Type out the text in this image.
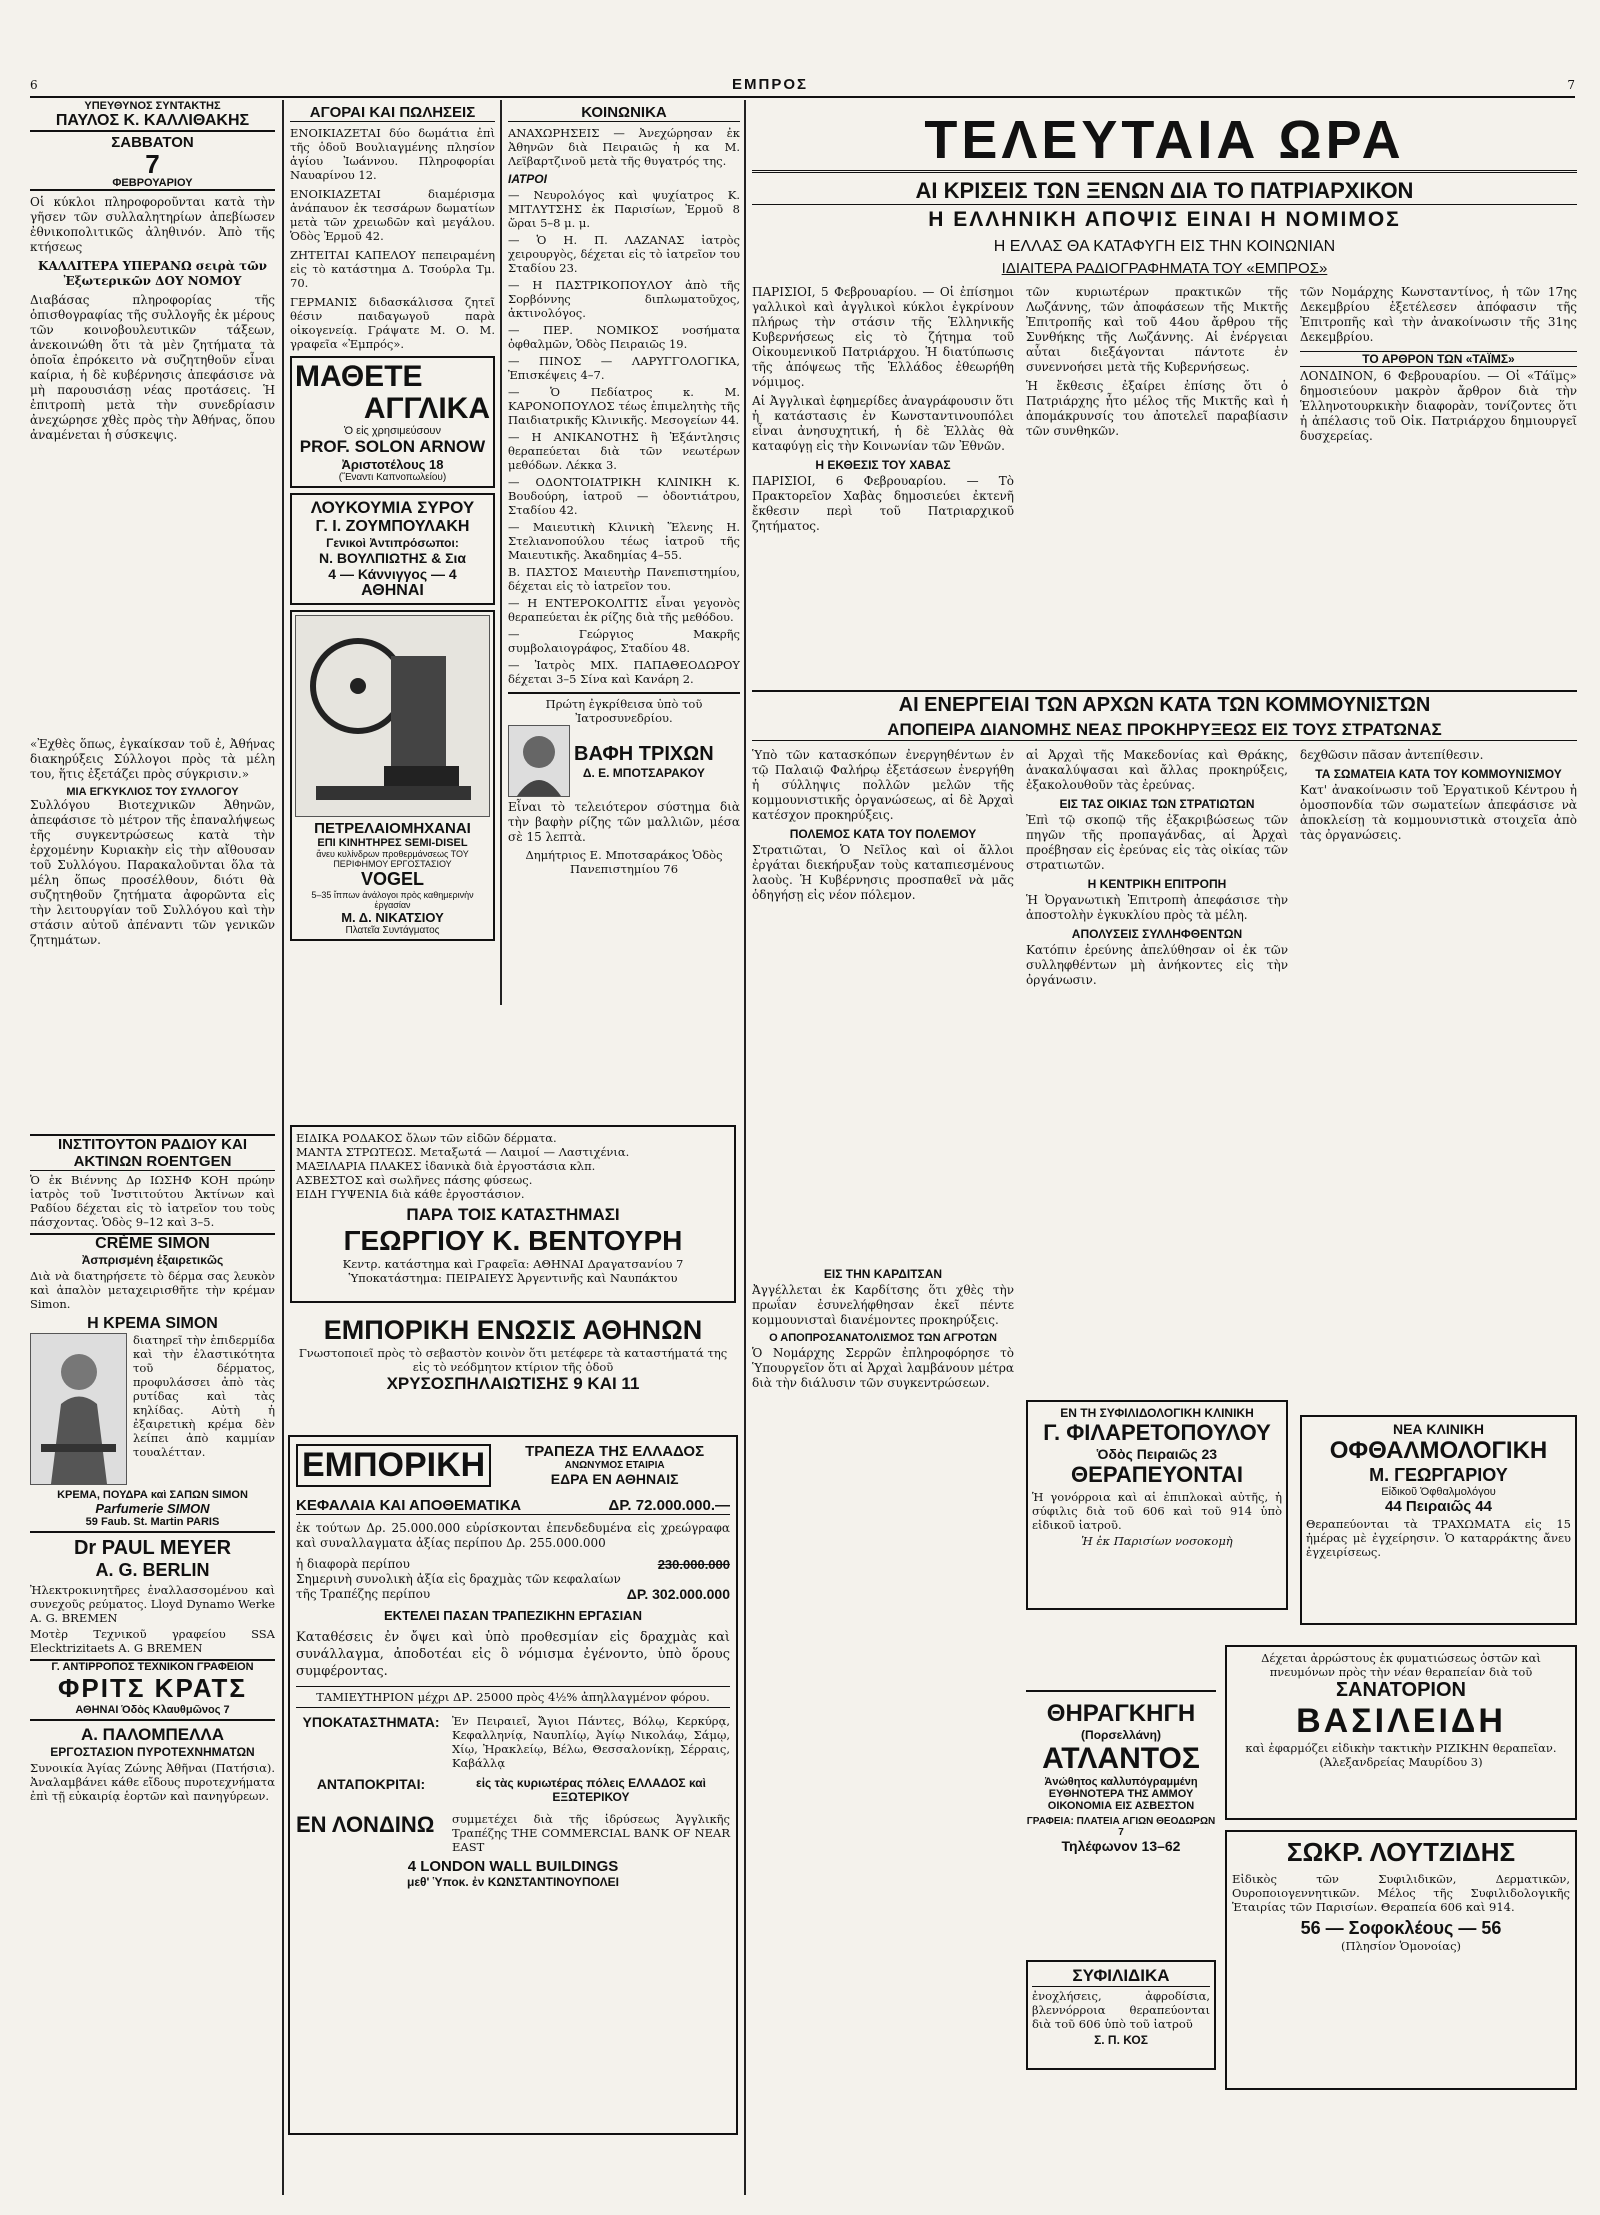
6	ΕΜΠΡΟΣ	7
ΥΠΕΥΘΥΝΟΣ ΣΥΝΤΑΚΤΗΣ
ΠΑΥΛΟΣ Κ. ΚΑΛΛΙΘΑΚΗΣ
ΣΑΒΒΑΤΟΝ
7
ΦΕΒΡΟΥΑΡΙΟΥ

Οἱ κύκλοι πληροφοροῦνται κατὰ τὴν γῆσεν τῶν συλλαλητηρίων ἀπεβίωσεν ἐθνικοπολιτικῶς ἀληθινόν. Ἀπὸ τῆς κτήσεως

ΚΑΛΛΙΤΕΡΑ ΥΠΕΡΑΝΩ σειρὰ τῶν Ἐξωτερικῶν ΔΟΥ ΝΟΜΟΥ

Διαβάσας πληροφορίας τῆς ὁπισθογραφίας τῆς συλλογῆς ἐκ μέρους τῶν κοινοβουλευτικῶν τάξεων, ἀνεκοινώθη ὅτι τὰ μὲν ζητήματα τὰ ὁποῖα ἐπρόκειτο νὰ συζητηθοῦν εἶναι καίρια, ἡ δὲ κυβέρνησις ἀπεφάσισε νὰ μὴ παρουσιάσῃ νέας προτάσεις. Ἡ ἐπιτροπὴ μετὰ τὴν συνεδρίασιν ἀνεχώρησε χθὲς πρὸς τὴν Ἀθήνας, ὅπου ἀναμένεται ἡ σύσκεψις.

«Ἐχθὲς ὅπως, ἐγκαίκσαν τοῦ ἐ, Ἀθήνας διακηρύξεις Σύλλογοι πρὸς τὰ μέλη του, ἥτις ἐξετάζει πρὸς σύγκρισιν.»

ΜΙΑ ΕΓΚΥΚΛΙΟΣ ΤΟΥ ΣΥΛΛΟΓΟΥ

Συλλόγου Βιοτεχνικῶν Ἀθηνῶν, ἀπεφάσισε τὸ μέτρον τῆς ἐπαναλήψεως τῆς συγκεντρώσεως κατὰ τὴν ἐρχομένην Κυριακὴν εἰς τὴν αἴθουσαν τοῦ Συλλόγου. Παρακαλοῦνται ὅλα τὰ μέλη ὅπως προσέλθουν, διότι θὰ συζητηθοῦν ζητήματα ἀφορῶντα εἰς τὴν λειτουργίαν τοῦ Συλλόγου καὶ τὴν στάσιν αὐτοῦ ἀπέναντι τῶν γενικῶν ζητημάτων.

ΙΝΣΤΙΤΟΥΤΟΝ ΡΑΔΙΟΥ ΚΑΙ ΑΚΤΙΝΩΝ ROENTGEN

Ὁ ἐκ Βιέννης Δρ ΙΩΣΗΦ ΚΟΗ πρώην ἰατρὸς τοῦ Ἰνστιτούτου Ἀκτίνων καὶ Ραδίου δέχεται εἰς τὸ ἰατρεῖον του τοὺς πάσχοντας. Ὁδὸς 9–12 καὶ 3–5.

CRÈME SIMON
Ἀσπρισμένη ἐξαιρετικῶς

Διὰ νὰ διατηρήσετε τὸ δέρμα σας λευκὸν καὶ ἁπαλὸν μεταχειρισθῆτε τὴν κρέμαν Simon.

Η ΚΡΕΜΑ SIMON

διατηρεῖ τὴν ἐπιδερμίδα καὶ τὴν ἐλαστικότητα τοῦ δέρματος, προφυλάσσει ἀπὸ τὰς ρυτίδας καὶ τὰς κηλίδας. Αὐτὴ ἡ ἐξαιρετικὴ κρέμα δὲν λείπει ἀπὸ καμμίαν τουαλέτταν.

ΚΡΕΜΑ, ΠΟΥΔΡΑ καὶ ΣΑΠΩΝ SIMON
Parfumerie SIMON
59 Faub. St. Martin PARIS
Dr PAUL MEYER
A. G. BERLIN

Ἠλεκτροκινητῆρες ἐναλλασσομένου καὶ συνεχοῦς ρεύματος. Lloyd Dynamo Werke A. G. BREMEN

Μοτὲρ Τεχνικοῦ γραφείου SSA Elecktrizitaets A. G BREMEN

Γ. ΑΝΤΙΡΡΟΠΟΣ ΤΕΧΝΙΚΟΝ ΓΡΑΦΕΙΟΝ
ΦΡΙΤΣ ΚΡΑΤΣ
ΑΘΗΝΑΙ Ὁδὸς Κλαυθμῶνος 7
Α. ΠΑΛΟΜΠΕΛΛΑ
ΕΡΓΟΣΤΑΣΙΟΝ ΠΥΡΟΤΕΧΝΗΜΑΤΩΝ

Συνοικία Ἀγίας Ζώνης Ἀθῆναι (Πατήσια). Ἀναλαμβάνει κάθε εἴδους πυροτεχνήματα ἐπὶ τῇ εὐκαιρίᾳ ἑορτῶν καὶ πανηγύρεων.

ΑΓΟΡΑΙ ΚΑΙ ΠΩΛΗΣΕΙΣ

ΕΝΟΙΚΙΑΖΕΤΑΙ δύο δωμάτια ἐπὶ τῆς ὁδοῦ Βουλιαγμένης πλησίον ἀγίου Ἰωάννου. Πληροφορίαι Ναυαρίνου 12.

ΕΝΟΙΚΙΑΖΕΤΑΙ διαμέρισμα ἀνάπαυον ἐκ τεσσάρων δωματίων μετὰ τῶν χρειωδῶν καὶ μεγάλου. Ὁδὸς Ἐρμοῦ 42.

ΖΗΤΕΙΤΑΙ ΚΑΠΕΛΟΥ πεπειραμένη εἰς τὸ κατάστημα Δ. Τσούρλα Τμ. 70.

ΓΕΡΜΑΝΙΣ διδασκάλισσα ζητεῖ θέσιν παιδαγωγοῦ παρὰ οἰκογενείᾳ. Γράψατε Μ. Ο. Μ. γραφεῖα «Ἐμπρός».

ΜΑΘΕΤΕ
ΑΓΓΛΙΚΑ
Ὁ εἰς χρησιμεύσουν
PROF. SOLON ARNOW
Ἀριστοτέλους 18
(Ἔναντι Καπνοπωλείου)
ΛΟΥΚΟΥΜΙΑ ΣΥΡΟΥ
Γ. Ι. ΖΟΥΜΠΟΥΛΑΚΗ
Γενικοὶ Ἀντιπρόσωποι:
Ν. ΒΟΥΛΠΙΩΤΗΣ & Σια
4 — Κάννιγγος — 4
ΑΘΗΝΑΙ
ΠΕΤΡΕΛΑΙΟΜΗΧΑΝΑΙ
ΕΠΙ ΚΙΝΗΤΗΡΕΣ SEMI-DISEL
ἄνευ κυλίνδρων προθερμάνσεως ΤΟΥ ΠΕΡΙΦΗΜΟΥ ΕΡΓΟΣΤΑΣΙΟΥ
VOGEL
5–35 ἵππων ἀνάλογοι πρὸς καθημερινὴν ἐργασίαν
Μ. Δ. ΝΙΚΑΤΣΙΟΥ
Πλατεῖα Συντάγματος
ΚΟΙΝΩΝΙΚΑ

ΑΝΑΧΩΡΗΣΕΙΣ — Ἀνεχώρησαν ἐκ Ἀθηνῶν διὰ Πειραιῶς ἡ κα Μ. Λεϊβαρτζινοῦ μετὰ τῆς θυγατρός της.

ΙΑΤΡΟΙ

— Νευρολόγος καὶ ψυχίατρος Κ. ΜΙΤΛΥΤΣΗΣ ἐκ Παρισίων, Ἐρμοῦ 8 ὥραι 5–8 μ. μ.

— Ὁ Η. Π. ΛΑΖΑΝΑΣ ἰατρὸς χειρουργὸς, δέχεται εἰς τὸ ἰατρεῖον του Σταδίου 23.

— Η ΠΑΣΤΡΙΚΟΠΟΥΛΟΥ ἀπὸ τῆς Σορβόννης διπλωματοῦχος, ἀκτινολόγος.

— ΠΕΡ. ΝΟΜΙΚΟΣ νοσήματα ὀφθαλμῶν, Ὁδὸς Πειραιῶς 19.

— ΠΙΝΟΣ — ΛΑΡΥΓΓΟΛΟΓΙΚΑ, Ἐπισκέψεις 4–7.

— Ὁ Πεδίατρος κ. Μ. ΚΑΡΟΝΟΠΟΥΛΟΣ τέως ἐπιμελητὴς τῆς Παιδιατρικῆς Κλινικῆς. Μεσογείων 44.

— Η ΑΝΙΚΑΝΟΤΗΣ ἢ Ἐξάντλησις θεραπεύεται διὰ τῶν νεωτέρων μεθόδων. Λέκκα 3.

— ΟΔΟΝΤΟΙΑΤΡΙΚΗ ΚΛΙΝΙΚΗ Κ. Βουδούρη, ἰατροῦ — ὀδοντιάτρου, Σταδίου 42.

— Μαιευτικὴ Κλινικὴ Ἕλενης Η. Στελιανοπούλου τέως ἰατροῦ τῆς Μαιευτικῆς. Ἀκαδημίας 4–55.

Β. ΠΑΣΤΟΣ Μαιευτὴρ Πανεπιστημίου, δέχεται εἰς τὸ ἰατρεῖον του.

— Η ΕΝΤΕΡΟΚΟΛΙΤΙΣ εἶναι γεγονὸς θεραπεύεται ἐκ ρίζης διὰ τῆς μεθόδου.

— Γεώργιος Μακρῆς συμβολαιογράφος, Σταδίου 48.

— Ἰατρὸς ΜΙΧ. ΠΑΠΑΘΕΟΔΩΡΟΥ δέχεται 3–5 Σίνα καὶ Κανάρη 2.

Πρώτη ἐγκρίθεισα ὑπὸ τοῦ Ἰατροσυνεδρίου.
ΒΑΦΗ ΤΡΙΧΩΝ
Δ. Ε. ΜΠΟΤΣΑΡΑΚΟΥ

Εἶναι τὸ τελειότερον σύστημα διὰ τὴν βαφὴν ρίζης τῶν μαλλιῶν, μέσα σὲ 15 λεπτὰ.

Δημήτριος Ε. Μποτσαράκος Ὁδὸς Πανεπιστημίου 76
ΕΙΔΙΚΑ ΡΟΔΑΚΟΣ ὄλων τῶν εἰδῶν δέρματα.
ΜΑΝΤΑ ΣΤΡΩΤΕΩΣ. Μεταξωτά — Λαιμοί — Λαστιχένια.
ΜΑΞΙΛΑΡΙΑ ΠΛΑΚΕΣ ἰδανικὰ διὰ ἐργοστάσια κλπ.
ΑΣΒΕΣΤΟΣ καὶ σωλῆνες πάσης φύσεως.
ΕΙΔΗ ΓΥΨΕΝΙΑ διὰ κάθε ἐργοστάσιον.
ΠΑΡΑ ΤΟΙΣ ΚΑΤΑΣΤΗΜΑΣΙ
ΓΕΩΡΓΙΟΥ Κ. ΒΕΝΤΟΥΡΗ
Κεντρ. κατάστημα καὶ Γραφεῖα: ΑΘΗΝΑΙ Δραγατσανίου 7
Ὑποκατάστημα: ΠΕΙΡΑΙΕΥΣ Ἀργεντινῆς καὶ Ναυπάκτου
ΕΜΠΟΡΙΚΗ ΕΝΩΣΙΣ ΑΘΗΝΩΝ
Γνωστοποιεῖ πρὸς τὸ σεβαστὸν κοινὸν ὅτι μετέφερε τὰ καταστήματά της εἰς τὸ νεόδμητον κτίριον τῆς ὁδοῦ
ΧΡΥΣΟΣΠΗΛΑΙΩΤΙΣΗΣ 9 ΚΑΙ 11
ΕΜΠΟΡΙΚΗ	ΤΡΑΠΕΖΑ ΤΗΣ ΕΛΛΑΔΟΣ
ΑΝΩΝΥΜΟΣ ΕΤΑΙΡΙΑ
ΕΔΡΑ ΕΝ ΑΘΗΝΑΙΣ
ΚΕΦΑΛΑΙΑ ΚΑΙ ΑΠΟΘΕΜΑΤΙΚΑ	ΔΡ. 72.000.000.—

ἐκ τούτων Δρ. 25.000.000 εὑρίσκονται ἐπενδεδυμένα εἰς χρεώγραφα καὶ συναλλαγματα ἀξίας περίπου Δρ. 255.000.000

ἡ διαφορὰ περίπου	230.000.000
Σημερινὴ συνολικὴ ἀξία εἰς δραχμὰς τῶν κεφαλαίων τῆς Τραπέζης περίπου	ΔΡ. 302.000.000
ΕΚΤΕΛΕΙ ΠΑΣΑΝ ΤΡΑΠΕΖΙΚΗΝ ΕΡΓΑΣΙΑΝ

Καταθέσεις ἐν ὄψει καὶ ὑπὸ προθεσμίαν εἰς δραχμὰς καὶ συνάλλαγμα, ἀποδοτέαι εἰς ὃ νόμισμα ἐγένοντο, ὑπὸ ὅρους συμφέροντας.

ΤΑΜΙΕΥΤΗΡΙΟΝ μέχρι ΔΡ. 25000 πρὸς 4½% ἀπηλλαγμένον φόρου.
ΥΠΟΚΑΤΑΣΤΗΜΑΤΑ:	Ἐν Πειραιεῖ, Ἄγιοι Πάντες, Βόλῳ, Κερκύρᾳ, Κεφαλληνίᾳ, Ναυπλίῳ, Ἀγίῳ Νικολάῳ, Σάμῳ, Χίῳ, Ἠρακλείῳ, Βέλω, Θεσσαλονίκῃ, Σέρραις, Καβάλλᾳ
ΑΝΤΑΠΟΚΡΙΤΑΙ:	εἰς τὰς κυριωτέρας πόλεις ΕΛΛΑΔΟΣ καὶ ΕΞΩΤΕΡΙΚΟΥ
ΕΝ ΛΟΝΔΙΝΩ	συμμετέχει διὰ τῆς ἱδρύσεως Ἀγγλικῆς Τραπέζης THE COMMERCIAL BANK OF NEAR EAST
4 LONDON WALL BUILDINGS
μεθ' Ὑποκ. ἐν ΚΩΝΣΤΑΝΤΙΝΟΥΠΟΛΕΙ
ΤΕΛΕΥΤΑΙΑ ΩΡΑ
ΑΙ ΚΡΙΣΕΙΣ ΤΩΝ ΞΕΝΩΝ ΔΙΑ ΤΟ ΠΑΤΡΙΑΡΧΙΚΟΝ
Η ΕΛΛΗΝΙΚΗ ΑΠΟΨΙΣ ΕΙΝΑΙ Η ΝΟΜΙΜΟΣ
Η ΕΛΛΑΣ ΘΑ ΚΑΤΑΦΥΓΗ ΕΙΣ ΤΗΝ ΚΟΙΝΩΝΙΑΝ
ΙΔΙΑΙΤΕΡΑ ΡΑΔΙΟΓΡΑΦΗΜΑΤΑ ΤΟΥ «ΕΜΠΡΟΣ»

ΠΑΡΙΣΙΟΙ, 5 Φεβρουαρίου. — Οἱ ἐπίσημοι γαλλικοὶ καὶ ἀγγλικοὶ κύκλοι ἐγκρίνουν πλήρως τὴν στάσιν τῆς Ἑλληνικῆς Κυβερνήσεως εἰς τὸ ζήτημα τοῦ Οἰκουμενικοῦ Πατριάρχου. Ἡ διατύπωσις τῆς ἀπόψεως τῆς Ἑλλάδος ἐθεωρήθη νόμιμος.

Αἱ Ἀγγλικαὶ ἐφημερίδες ἀναγράφουσιν ὅτι ἡ κατάστασις ἐν Κωνσταντινουπόλει εἶναι ἀνησυχητική, ἡ δὲ Ἑλλὰς θὰ καταφύγῃ εἰς τὴν Κοινωνίαν τῶν Ἐθνῶν.

Η ΕΚΘΕΣΙΣ ΤΟΥ ΧΑΒΑΣ

ΠΑΡΙΣΙΟΙ, 6 Φεβρουαρίου. — Τὸ Πρακτορεῖον Χαβὰς δημοσιεύει ἐκτενῆ ἔκθεσιν περὶ τοῦ Πατριαρχικοῦ ζητήματος.

τῶν κυριωτέρων πρακτικῶν τῆς Λωζάννης, τῶν ἀποφάσεων τῆς Μικτῆς Ἐπιτροπῆς καὶ τοῦ 44ου ἄρθρου τῆς Συνθήκης τῆς Λωζάννης. Αἱ ἐνέργειαι αὗται διεξάγονται πάντοτε ἐν συνεννοήσει μετὰ τῆς Κυβερνήσεως.

Ἡ ἔκθεσις ἐξαίρει ἐπίσης ὅτι ὁ Πατριάρχης ἦτο μέλος τῆς Μικτῆς καὶ ἡ ἀπομάκρυνσίς του ἀποτελεῖ παραβίασιν τῶν συνθηκῶν.

τῶν Νομάρχης Κωνσταντίνος, ἡ τῶν 17ης Δεκεμβρίου ἐξετέλεσεν ἀπόφασιν τῆς Ἐπιτροπῆς καὶ τὴν ἀνακοίνωσιν τῆς 31ης Δεκεμβρίου.

ΤΟ ΑΡΘΡΟΝ ΤΩΝ «ΤΑΪΜΣ»

ΛΟΝΔΙΝΟΝ, 6 Φεβρουαρίου. — Οἱ «Τάϊμς» δημοσιεύουν μακρὸν ἄρθρον διὰ τὴν Ἑλληνοτουρκικὴν διαφορὰν, τονίζοντες ὅτι ἡ ἀπέλασις τοῦ Οἰκ. Πατριάρχου δημιουργεῖ δυσχερείας.

ΑΙ ΕΝΕΡΓΕΙΑΙ ΤΩΝ ΑΡΧΩΝ ΚΑΤΑ ΤΩΝ ΚΟΜΜΟΥΝΙΣΤΩΝ
ΑΠΟΠΕΙΡΑ ΔΙΑΝΟΜΗΣ ΝΕΑΣ ΠΡΟΚΗΡΥΞΕΩΣ ΕΙΣ ΤΟΥΣ ΣΤΡΑΤΩΝΑΣ

Ὑπὸ τῶν κατασκόπων ἐνεργηθέντων ἐν τῷ Παλαιῷ Φαλήρῳ ἐξετάσεων ἐνεργήθη ἡ σύλληψις πολλῶν μελῶν τῆς κομμουνιστικῆς ὀργανώσεως, αἱ δὲ Ἀρχαὶ κατέσχον προκηρύξεις.

ΠΟΛΕΜΟΣ ΚΑΤΑ ΤΟΥ ΠΟΛΕΜΟΥ

Στρατιῶται, Ὁ Νεῖλος καὶ οἱ ἄλλοι ἐργάται διεκήρυξαν τοὺς καταπιεσμένους λαοὺς. Ἡ Κυβέρνησις προσπαθεῖ νὰ μᾶς ὁδηγήσῃ εἰς νέον πόλεμον.

ΕΙΣ ΤΗΝ ΚΑΡΔΙΤΣΑΝ

Ἀγγέλλεται ἐκ Καρδίτσης ὅτι χθὲς τὴν πρωΐαν ἐσυνελήφθησαν ἐκεῖ πέντε κομμουνισταὶ διανέμοντες προκηρύξεις.

Ο ΑΠΟΠΡΟΣΑΝΑΤΟΛΙΣΜΟΣ ΤΩΝ ΑΓΡΟΤΩΝ

Ὁ Νομάρχης Σερρῶν ἐπληροφόρησε τὸ Ὑπουργεῖον ὅτι αἱ Ἀρχαὶ λαμβάνουν μέτρα διὰ τὴν διάλυσιν τῶν συγκεντρώσεων.

αἱ Ἀρχαὶ τῆς Μακεδονίας καὶ Θράκης, ἀνακαλύψασαι καὶ ἄλλας προκηρύξεις, ἐξακολουθοῦν τὰς ἐρεύνας.

ΕΙΣ ΤΑΣ ΟΙΚΙΑΣ ΤΩΝ ΣΤΡΑΤΙΩΤΩΝ

Ἐπὶ τῷ σκοπῷ τῆς ἐξακριβώσεως τῶν πηγῶν τῆς προπαγάνδας, αἱ Ἀρχαὶ προέβησαν εἰς ἐρεύνας εἰς τὰς οἰκίας τῶν στρατιωτῶν.

Η ΚΕΝΤΡΙΚΗ ΕΠΙΤΡΟΠΗ

Ἡ Ὀργανωτικὴ Ἐπιτροπὴ ἀπεφάσισε τὴν ἀποστολὴν ἐγκυκλίου πρὸς τὰ μέλη.

ΑΠΟΛΥΣΕΙΣ ΣΥΛΛΗΦΘΕΝΤΩΝ

Κατόπιν ἐρεύνης ἀπελύθησαν οἱ ἐκ τῶν συλληφθέντων μὴ ἀνήκοντες εἰς τὴν ὀργάνωσιν.

δεχθῶσιν πᾶσαν ἀντεπίθεσιν.

ΤΑ ΣΩΜΑΤΕΙΑ ΚΑΤΑ ΤΟΥ ΚΟΜΜΟΥΝΙΣΜΟΥ

Κατ' ἀνακοίνωσιν τοῦ Ἐργατικοῦ Κέντρου ἡ ὁμοσπονδία τῶν σωματείων ἀπεφάσισε νὰ ἀποκλείσῃ τὰ κομμουνιστικὰ στοιχεῖα ἀπὸ τὰς ὀργανώσεις.

ΕΝ ΤΗ ΣΥΦΙΛΙΔΟΛΟΓΙΚΗ ΚΛΙΝΙΚΗ
Γ. ΦΙΛΑΡΕΤΟΠΟΥΛΟΥ
Ὁδὸς Πειραιῶς 23
ΘΕΡΑΠΕΥΟΝΤΑΙ

Ἡ γονόρροια καὶ αἱ ἐπιπλοκαὶ αὐτῆς, ἡ σύφιλις διὰ τοῦ 606 καὶ τοῦ 914 ὑπὸ εἰδικοῦ ἰατροῦ.

Ἡ ἐκ Παρισίων νοσοκομὴ
ΝΕΑ ΚΛΙΝΙΚΗ
ΟΦΘΑΛΜΟΛΟΓΙΚΗ
Μ. ΓΕΩΡΓΑΡΙΟΥ
Εἰδικοῦ Ὀφθαλμολόγου
44 Πειραιῶς 44

Θεραπεύονται τὰ ΤΡΑΧΩΜΑΤΑ εἰς 15 ἡμέρας μὲ ἐγχείρησιν. Ὁ καταρράκτης ἄνευ ἐγχειρίσεως.

Δέχεται ἀρρώστους ἐκ φυματιώσεως ὀστῶν καὶ πνευμόνων πρὸς τὴν νέαν θεραπείαν διὰ τοῦ
ΣΑΝΑΤΟΡΙΟΝ
ΒΑΣΙΛΕΙΔΗ
καὶ ἐφαρμόζει εἰδικὴν τακτικὴν ΡΙΖΙΚΗΝ θεραπεῖαν.
(Ἀλεξανδρείας Μαυρίδου 3)
ΘΗΡΑΓΚΗΓΗ
(Πορσελλάνη)
ΑΤΛΑΝΤΟΣ
Ἀνώθητος καλλυπόγραμμένη ΕΥΘΗΝΟΤΕΡΑ ΤΗΣ ΑΜΜΟΥ ΟΙΚΟΝΟΜΙΑ ΕΙΣ ΑΣΒΕΣΤΟΝ
ΓΡΑΦΕΙΑ: ΠΛΑΤΕΙΑ ΑΓΙΩΝ ΘΕΟΔΩΡΩΝ 7
Τηλέφωνον 13–62	ΣΩΚΡ. ΛΟΥΤΖΙΔΗΣ

Εἰδικὸς τῶν Συφιλιδικῶν, Δερματικῶν, Ουροποιογεννητικῶν. Μέλος τῆς Συφιλιδολογικῆς Ἑταιρίας τῶν Παρισίων. Θεραπεία 606 καὶ 914.

56 — Σοφοκλέους — 56
(Πλησίον Ὁμονοίας)
ΣΥΦΙΛΙΔΙΚΑ

ἐνοχλήσεις, ἀφροδίσια, βλεννόρροια θεραπεύονται διὰ τοῦ 606 ὑπὸ τοῦ ἰατροῦ

Σ. Π. ΚΟΣ
